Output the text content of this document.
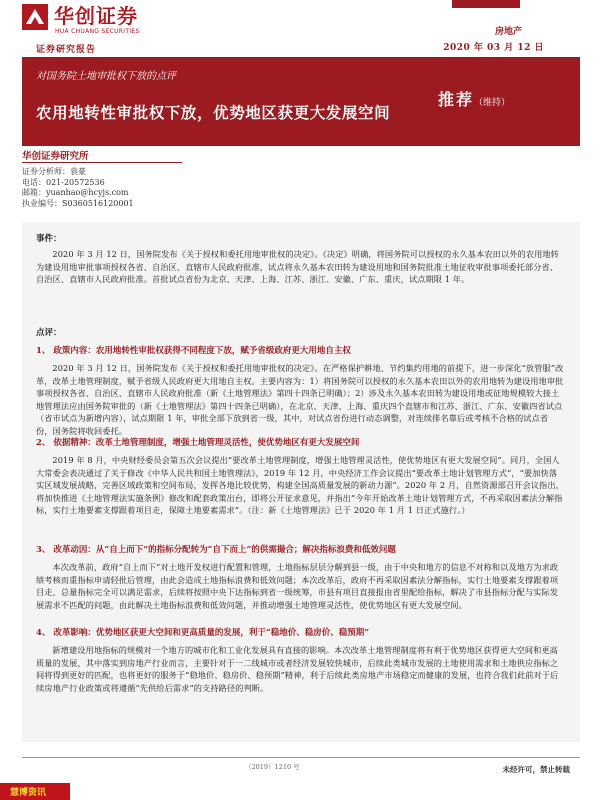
华创证券
HUA CHUANG SECURITIES
证券研究报告
房地产
2020 年 03 月 12 日
对国务院土地审批权下放的点评
农用地转性审批权下放，优势地区获更大发展空间
推荐（维持）
华创证券研究所
证券分析师：袁豪
电话：021-20572536
邮箱：yuanhao@hcyjs.com
执业编号：S0360516120001
事件：
2020 年 3 月 12 日，国务院发布《关于授权和委托用地审批权的决定》。《决定》明确，将国务院可以授权的永久基本农田以外的农用地转为建设用地审批事项授权各省、自治区、直辖市人民政府批准，试点将永久基本农田转为建设用地和国务院批准土地征收审批事项委托部分省、自治区、直辖市人民政府批准。首批试点省份为北京、天津、上海、江苏、浙江、安徽、广东、重庆，试点期限 1 年。
点评：
1、 政策内容：农用地转性审批权获得不同程度下放，赋予省级政府更大用地自主权
2020 年 3 月 12 日，国务院发布《关于授权和委托用地审批权的决定》。在严格保护耕地、节约集约用地的前提下，进一步深化“放管服”改革，改革土地管理制度，赋予省级人民政府更大用地自主权。主要内容为：1）将国务院可以授权的永久基本农田以外的农用地转为建设用地审批事项授权各省、自治区、直辖市人民政府批准（新《土地管理法》第四十四条已明确）；2）涉及永久基本农田转为建设用地或征地规模较大接土地管理法应由国务院审批的（新《土地管理法》第四十四条已明确），在北京、天津、上海、重庆四个直辖市和江苏、浙江、广东、安徽四省试点（省市试点为新增内容），试点期限 1 年，审批全部下放到省一级，其中，对试点省份进行动态调整，对连续排名靠后或考核不合格的试点省份，国务院将收回委托。
2、 依据精神：改革土地管理制度，增强土地管理灵活性，使优势地区有更大发展空间
2019 年 8 月，中央财经委员会第五次会议提出“要改革土地管理制度，增强土地管理灵活性，使优势地区有更大发展空间”。同月，全国人大常委会表决通过了关于修改《中华人民共和国土地管理法》，2019 年 12 月，中央经济工作会议提出“要改革土地计划管理方式”，“要加快落实区域发展战略，完善区域政策和空间布局，发挥各地比较优势，构建全国高质量发展的新动力源”。2020 年 2 月，自然资源部召开会议指出，将加快推进《土地管理法实施条例》修改和配套政策出台，即将公开征求意见，并指出“今年开始改革土地计划管理方式，不再采取因素法分解指标，实行土地要素支撑跟着项目走，保障土地要素需求”。（注：新《土地管理法》已于 2020 年 1 月 1 日正式施行。）
3、 改革动因：从“自上而下”的指标分配转为“自下而上”的供需撮合；解决指标浪费和低效问题
本次改革前，政府“自上而下”对土地开发权进行配置和管理，土地指标层层分解到县一级，由于中央和地方的信息不对称和以及地方为求政绩考核而重指标申请轻批后管理，由此会造成土地指标浪费和低效问题；本次改革后，政府不再采取因素法分解指标，实行土地要素支撑跟着项目走，总量指标完全可以满足需求，后续将按照中央下达指标到省一级统筹，市县有项目直接报由省里配给指标，解决了市县指标分配与实际发展需求不匹配的问题，由此解决土地指标浪费和低效问题，并推动增强土地管理灵活性，使优势地区有更大发展空间。
4、 改革影响：优势地区获更大空间和更高质量的发展，利于“稳地价、稳房价、稳预期”
新增建设用地指标的规模对一个地方的城市化和工业化发展具有直接的影响。本次改革土地管理制度将有利于优势地区获得更大空间和更高质量的发展，其中落实到房地产行业而言，主要针对于一二线城市或者经济发展较快城市，后续此类城市发展的土地使用需求和土地供应指标之间将得到更好的匹配，也将更好的服务于“稳地价、稳房价、稳预期”精神，利于后续此类房地产市场稳定而健康的发展，也符合我们此前对于后续房地产行业政策或将遵循“先供给后需求”的支持路径的判断。
（2019）1210 号	未经许可，禁止转载
慧博资讯
